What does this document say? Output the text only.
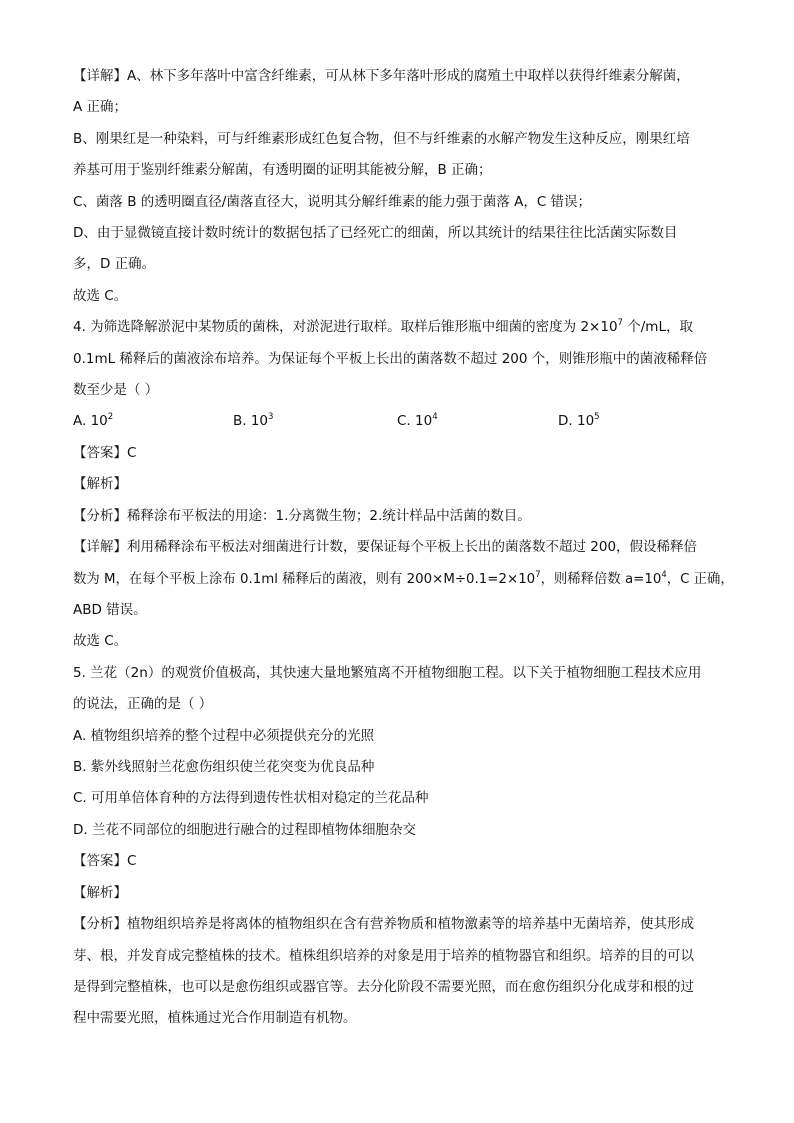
【详解】A、林下多年落叶中富含纤维素，可从林下多年落叶形成的腐殖土中取样以获得纤维素分解菌，
A 正确；
B、刚果红是一种染料，可与纤维素形成红色复合物，但不与纤维素的水解产物发生这种反应，刚果红培
养基可用于鉴别纤维素分解菌，有透明圈的证明其能被分解，B 正确；
C、菌落 B 的透明圈直径/菌落直径大，说明其分解纤维素的能力强于菌落 A，C 错误；
D、由于显微镜直接计数时统计的数据包括了已经死亡的细菌，所以其统计的结果往往比活菌实际数目
多，D 正确。
故选 C。
4. 为筛选降解淤泥中某物质的菌株，对淤泥进行取样。取样后锥形瓶中细菌的密度为 $2\times 10^7$ 个/mL，取
0.1mL 稀释后的菌液涂布培养。为保证每个平板上长出的菌落数不超过 200 个，则锥形瓶中的菌液稀释倍
数至少是（ ）
A. $10^2$	B. $10^3$	C. $10^4$	D. $10^5$
【答案】C
【解析】
【分析】稀释涂布平板法的用途：1.分离微生物；2.统计样品中活菌的数目。
【详解】利用稀释涂布平板法对细菌进行计数，要保证每个平板上长出的菌落数不超过 200，假设稀释倍
数为 M，在每个平板上涂布 0.1ml 稀释后的菌液，则有 $200\times M\div 0.1=2\times 10^7$，则稀释倍数 $a=10^4$，C 正确，
ABD 错误。
故选 C。
5. 兰花（2n）的观赏价值极高，其快速大量地繁殖离不开植物细胞工程。以下关于植物细胞工程技术应用
的说法，正确的是（ ）
A. 植物组织培养的整个过程中必须提供充分的光照
B. 紫外线照射兰花愈伤组织使兰花突变为优良品种
C. 可用单倍体育种的方法得到遗传性状相对稳定的兰花品种
D. 兰花不同部位的细胞进行融合的过程即植物体细胞杂交
【答案】C
【解析】
【分析】植物组织培养是将离体的植物组织在含有营养物质和植物激素等的培养基中无菌培养，使其形成
芽、根，并发育成完整植株的技术。植株组织培养的对象是用于培养的植物器官和组织。培养的目的可以
是得到完整植株，也可以是愈伤组织或器官等。去分化阶段不需要光照，而在愈伤组织分化成芽和根的过
程中需要光照，植株通过光合作用制造有机物。
